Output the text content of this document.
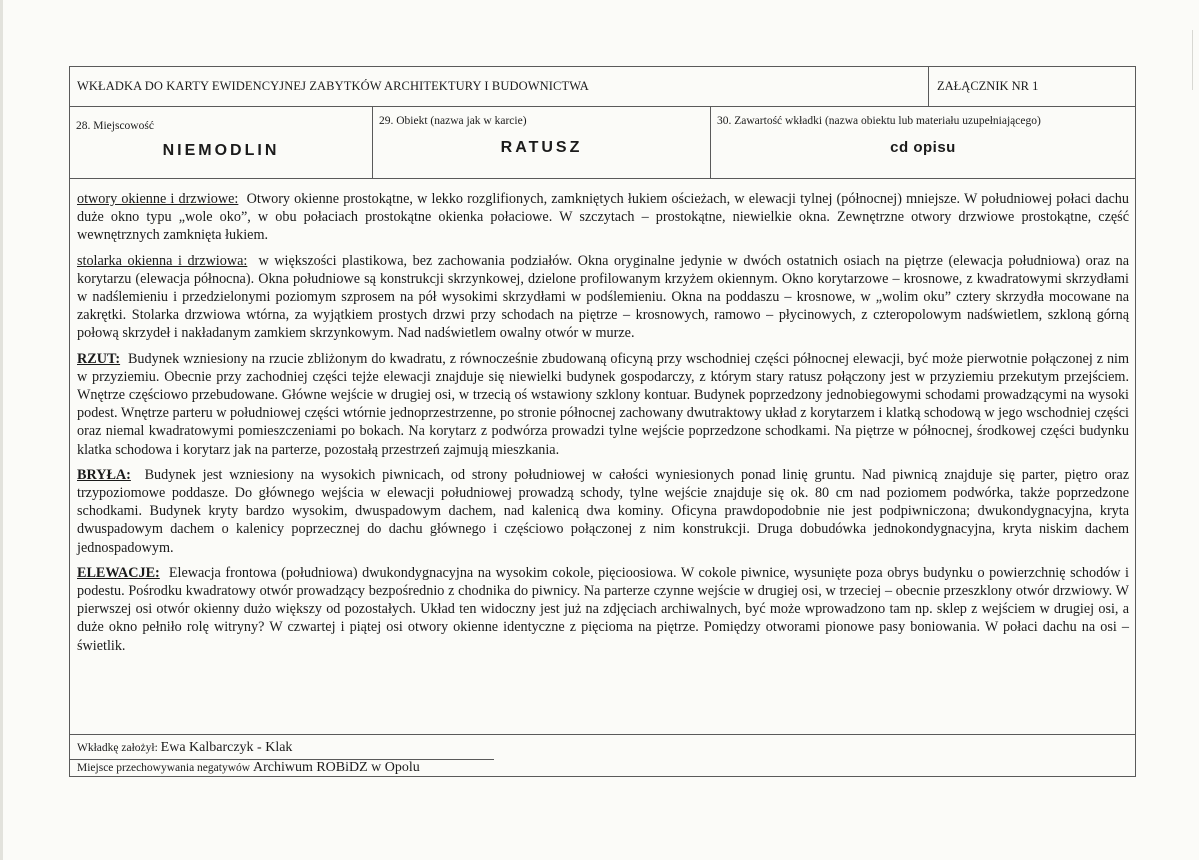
WKŁADKA DO KARTY EWIDENCYJNEJ ZABYTKÓW ARCHITEKTURY I BUDOWNICTWA	ZAŁĄCZNIK NR 1
28. Miejscowość
NIEMODLIN
29. Obiekt (nazwa jak w karcie)
RATUSZ
30. Zawartość wkładki (nazwa obiektu lub materiału uzupełniającego)
cd opisu

otwory okienne i drzwiowe: Otwory okienne prostokątne, w lekko rozglifionych, zamkniętych łukiem ościeżach, w elewacji tylnej (północnej) mniejsze. W południowej połaci dachu duże okno typu „wole oko”, w obu połaciach prostokątne okienka połaciowe. W szczytach – prostokątne, niewielkie okna. Zewnętrzne otwory drzwiowe prostokątne, część wewnętrznych zamknięta łukiem.

stolarka okienna i drzwiowa: w większości plastikowa, bez zachowania podziałów. Okna oryginalne jedynie w dwóch ostatnich osiach na piętrze (elewacja południowa) oraz na korytarzu (elewacja północna). Okna południowe są konstrukcji skrzynkowej, dzielone profilowanym krzyżem okiennym. Okno korytarzowe – krosnowe, z kwadratowymi skrzydłami w nadślemieniu i przedzielonymi poziomym szprosem na pół wysokimi skrzydłami w podślemieniu. Okna na poddaszu – krosnowe, w „wolim oku” cztery skrzydła mocowane na zakrętki. Stolarka drzwiowa wtórna, za wyjątkiem prostych drzwi przy schodach na piętrze – krosnowych, ramowo – płycinowych, z czteropolowym nadświetlem, szkloną górną połową skrzydeł i nakładanym zamkiem skrzynkowym. Nad nadświetlem owalny otwór w murze.

RZUT: Budynek wzniesiony na rzucie zbliżonym do kwadratu, z równocześnie zbudowaną oficyną przy wschodniej części północnej elewacji, być może pierwotnie połączonej z nim w przyziemiu. Obecnie przy zachodniej części tejże elewacji znajduje się niewielki budynek gospodarczy, z którym stary ratusz połączony jest w przyziemiu przekutym przejściem. Wnętrze częściowo przebudowane. Główne wejście w drugiej osi, w trzecią oś wstawiony szklony kontuar. Budynek poprzedzony jednobiegowymi schodami prowadzącymi na wysoki podest. Wnętrze parteru w południowej części wtórnie jednoprzestrzenne, po stronie północnej zachowany dwutraktowy układ z korytarzem i klatką schodową w jego wschodniej części oraz niemal kwadratowymi pomieszczeniami po bokach. Na korytarz z podwórza prowadzi tylne wejście poprzedzone schodkami. Na piętrze w północnej, środkowej części budynku klatka schodowa i korytarz jak na parterze, pozostałą przestrzeń zajmują mieszkania.

BRYŁA: Budynek jest wzniesiony na wysokich piwnicach, od strony południowej w całości wyniesionych ponad linię gruntu. Nad piwnicą znajduje się parter, piętro oraz trzypoziomowe poddasze. Do głównego wejścia w elewacji południowej prowadzą schody, tylne wejście znajduje się ok. 80 cm nad poziomem podwórka, także poprzedzone schodkami. Budynek kryty bardzo wysokim, dwuspadowym dachem, nad kalenicą dwa kominy. Oficyna prawdopodobnie nie jest podpiwniczona; dwukondygnacyjna, kryta dwuspadowym dachem o kalenicy poprzecznej do dachu głównego i częściowo połączonej z nim konstrukcji. Druga dobudówka jednokondygnacyjna, kryta niskim dachem jednospadowym.

ELEWACJE: Elewacja frontowa (południowa) dwukondygnacyjna na wysokim cokole, pięcioosiowa. W cokole piwnice, wysunięte poza obrys budynku o powierzchnię schodów i podestu. Pośrodku kwadratowy otwór prowadzący bezpośrednio z chodnika do piwnicy. Na parterze czynne wejście w drugiej osi, w trzeciej – obecnie przeszklony otwór drzwiowy. W pierwszej osi otwór okienny dużo większy od pozostałych. Układ ten widoczny jest już na zdjęciach archiwalnych, być może wprowadzono tam np. sklep z wejściem w drugiej osi, a duże okno pełniło rolę witryny? W czwartej i piątej osi otwory okienne identyczne z pięcioma na piętrze. Pomiędzy otworami pionowe pasy boniowania. W połaci dachu na osi – świetlik.

Wkładkę założył: Ewa Kalbarczyk - Klak
Miejsce przechowywania negatywów Archiwum ROBiDZ w Opolu
